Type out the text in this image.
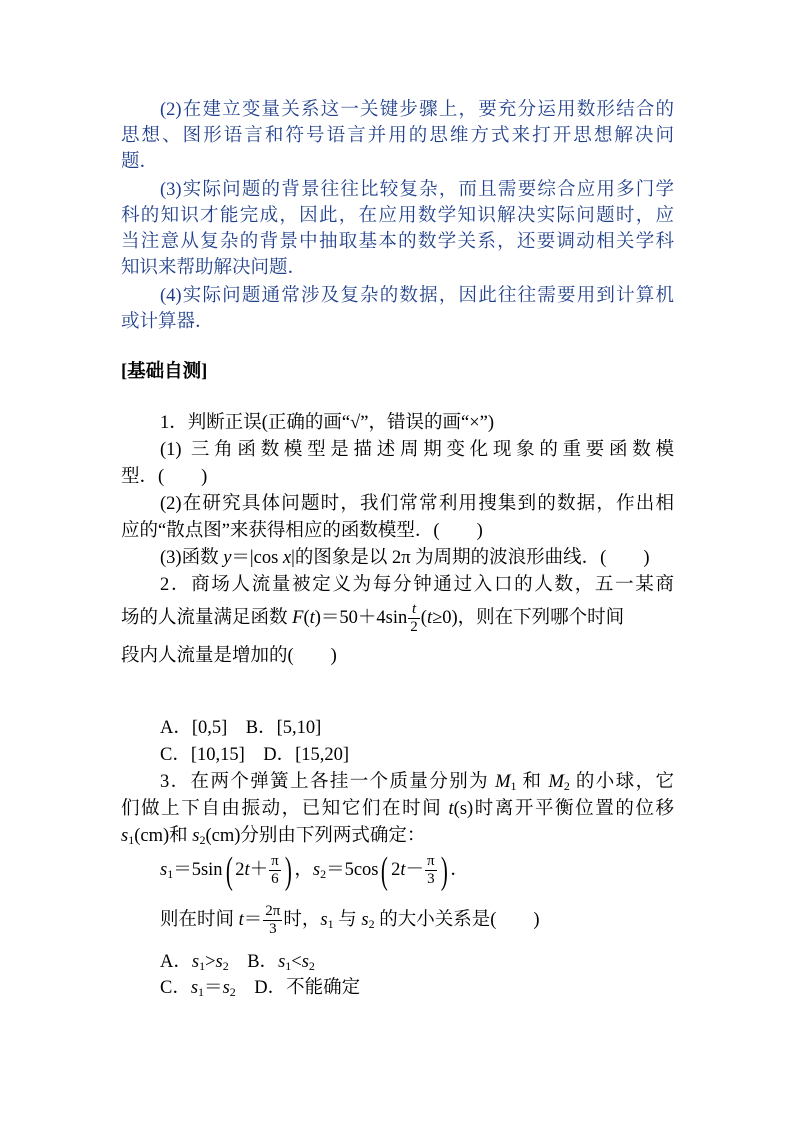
(2)在建立变量关系这一关键步骤上，要充分运用数形结合的
思想、图形语言和符号语言并用的思维方式来打开思想解决问
题．
(3)实际问题的背景往往比较复杂，而且需要综合应用多门学
科的知识才能完成，因此，在应用数学知识解决实际问题时，应
当注意从复杂的背景中抽取基本的数学关系，还要调动相关学科
知识来帮助解决问题．
(4)实际问题通常涉及复杂的数据，因此往往需要用到计算机
或计算器．
[基础自测]
1．判断正误(正确的画“√”，错误的画“×”)
(1) 三角函数模型是描述周期变化现象的重要函数模
型．(　　)
(2)在研究具体问题时，我们常常利用搜集到的数据，作出相
应的“散点图”来获得相应的函数模型．(　　)
(3)函数 y＝|cos x|的图象是以 2π 为周期的波浪形曲线．(　　)
2．商场人流量被定义为每分钟通过入口的人数，五一某商
场的人流量满足函数 $F(t)=50+4\sin \frac{t}{2} (t\ge 0)$，则在下列哪个时间
段内人流量是增加的(　　)
A．[0,5]　B．[5,10]
C．[10,15]　D．[15,20]
3．在两个弹簧上各挂一个质量分别为 $M_1$ 和 $M_2$ 的小球，它
们做上下自由振动，已知它们在时间 t(s)时离开平衡位置的位移
$s_1(cm)$和 $s_2(cm)$分别由下列两式确定：
$s_1=5\sin$( $2t+ \frac{\pi}{6}$ ) ，$s_2=5\cos$( $2t- \frac{\pi}{3}$ ) ．
则在时间 $t= \frac{2\pi}{3}$ 时，$s_1$ 与 $s_2$ 的大小关系是(　　)
A．$s_1>s_2$　B．$s_1<s_2$
C．$s_1=s_2$　D．不能确定
